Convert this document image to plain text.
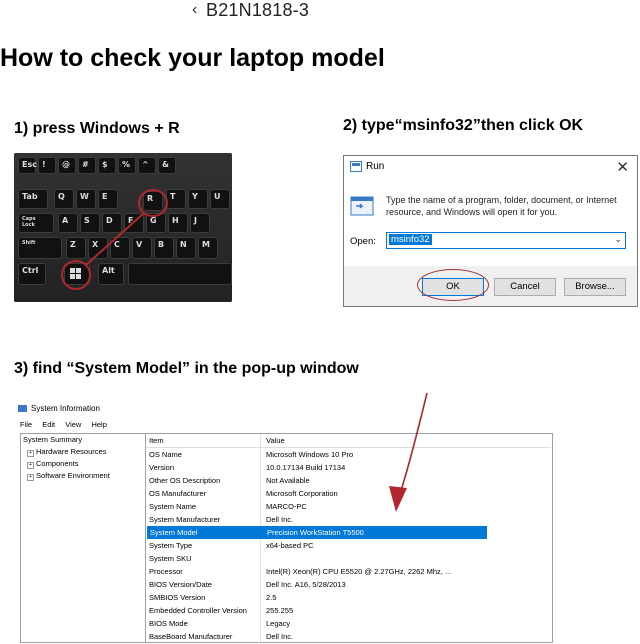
‹ B21N1818-3
How to check your laptop model
1) press Windows + R	2) type“msinfo32”then click OK
3) find “System Model” in the pop-up window
Esc !	@	#	$	%	^	&
Tab	Q	W	E	R	T	Y	U
Caps Lock	A	S	D	F	G	H	J
Shift	Z	X	C	V	B	N	M
Ctrl	Alt
Run	✕
Type the name of a program, folder, document, or Internet resource, and Windows will open it for you.
Open: msinfo32	⌄
OK	Cancel	Browse...
System Information
File Edit View Help
System Summary
+ Hardware Resources
+ Components
+ Software Environment
Item	Value
OS Name	Microsoft Windows 10 Pro
Version	10.0.17134 Build 17134
Other OS Description	Not Available
OS Manufacturer	Microsoft Corporation
System Name	MARCO-PC
System Manufacturer	Dell Inc.
System Model	Precision WorkStation T5500
System Type	x64-based PC
System SKU
Processor	Intel(R) Xeon(R) CPU E5520 @ 2.27GHz, 2262 Mhz, ...
BIOS Version/Date	Dell Inc. A16, 5/28/2013
SMBIOS Version	2.5
Embedded Controller Version	255.255
BIOS Mode	Legacy
BaseBoard Manufacturer	Dell Inc.
